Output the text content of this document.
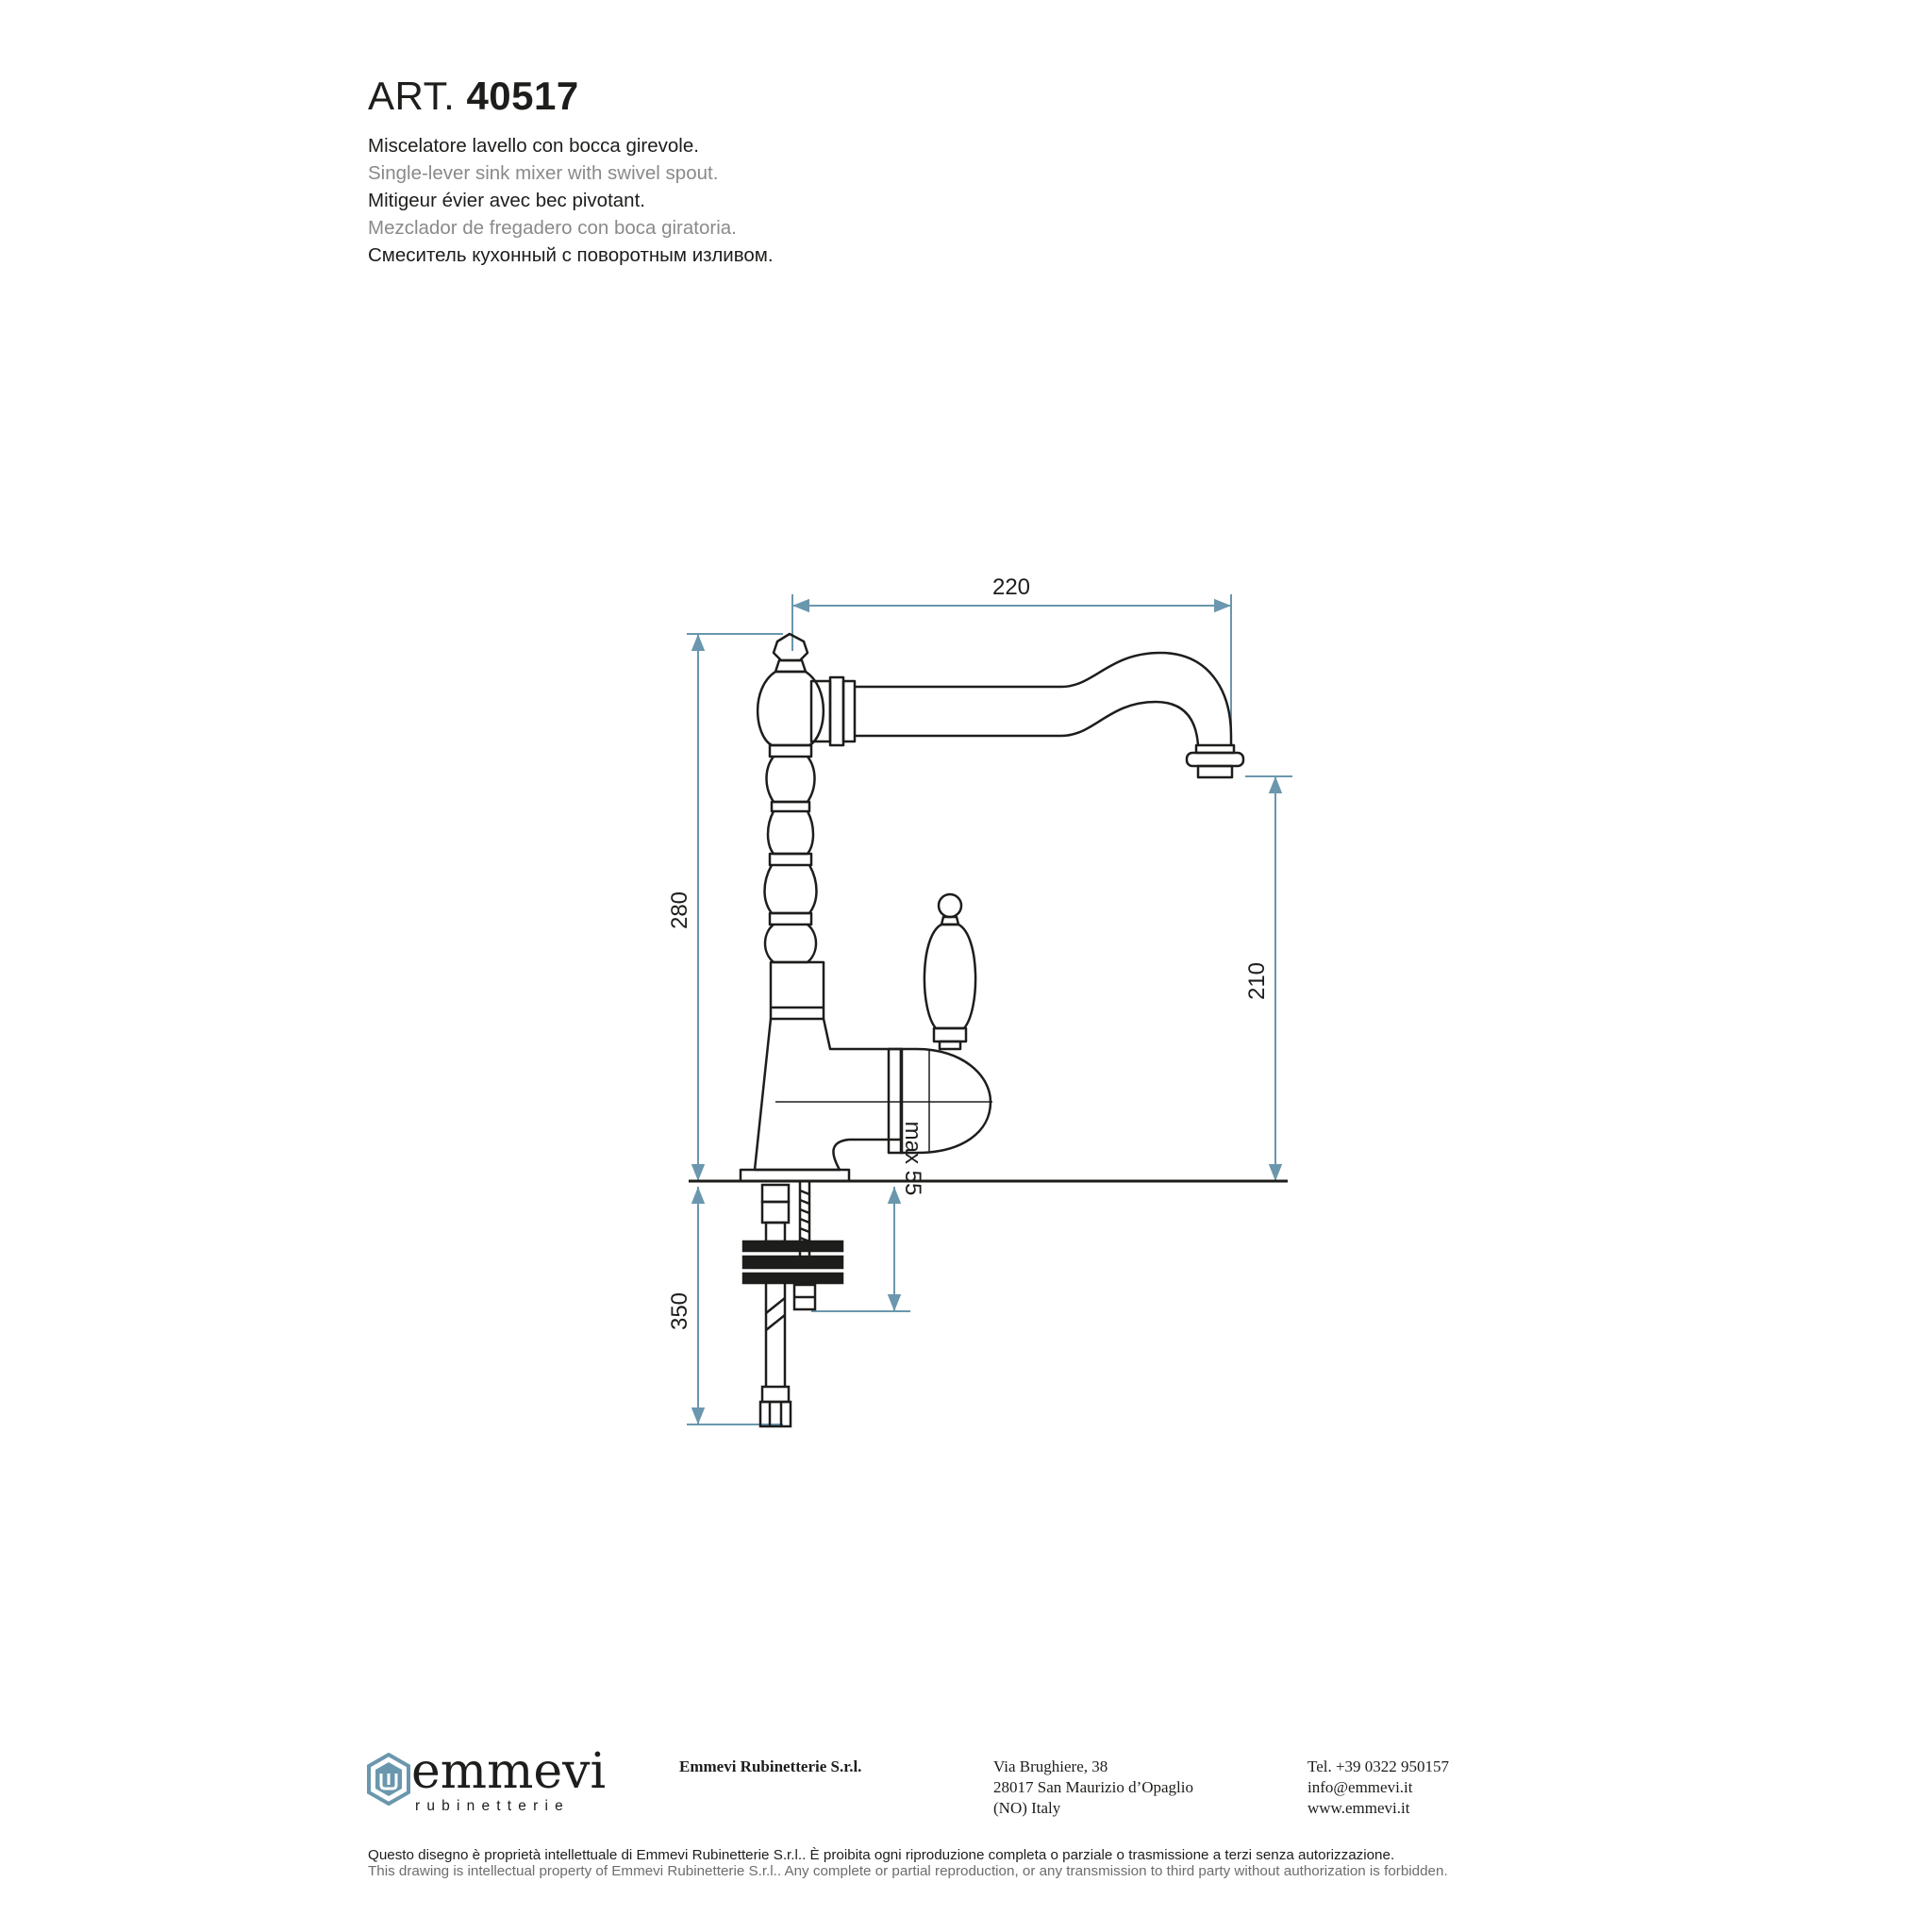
ART. 40517
Miscelatore lavello con bocca girevole.
Single-lever sink mixer with swivel spout.
Mitigeur évier avec bec pivotant.
Mezclador de fregadero con boca giratoria.
Смеситель кухонный с поворотным изливом.
220
280
210
350
max 55
emmevi
rubinetterie
Emmevi Rubinetterie S.r.l.	Via Brughiere, 38
28017 San Maurizio d’Opaglio
(NO) Italy
Tel. +39 0322 950157
info@emmevi.it
www.emmevi.it
Questo disegno è proprietà intellettuale di Emmevi Rubinetterie S.r.l.. È proibita ogni riproduzione completa o parziale o trasmissione a terzi senza autorizzazione.
This drawing is intellectual property of Emmevi Rubinetterie S.r.l.. Any complete or partial reproduction, or any transmission to third party without authorization is forbidden.
